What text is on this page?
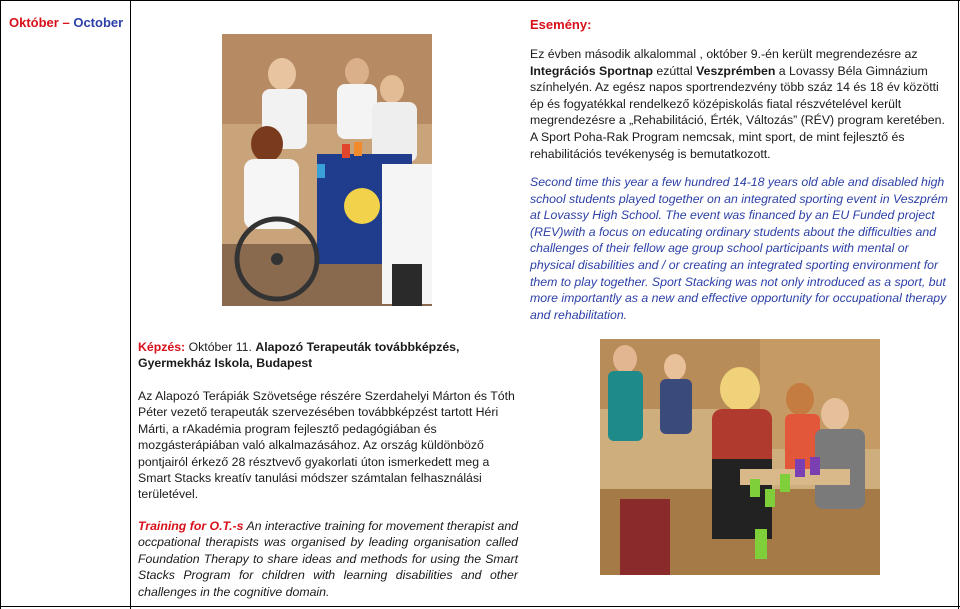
Október – October	Esemény:
Ez évben második alkalommal , október 9.-én került megrendezésre az Integrációs Sportnap ezúttal Veszprémben a Lovassy Béla Gimnázium színhelyén. Az egész napos sportrendezvény több száz 14 és 18 év közötti ép és fogyatékkal rendelkező középiskolás fiatal részvételével került megrendezésre a „Rehabilitáció, Érték, Változás” (RÉV) program keretében. A Sport Poha-Rak Program nemcsak, mint sport, de mint fejlesztő és rehabilitációs tevékenység is bemutatkozott.
Second time this year a few hundred 14-18 years old able and disabled high school students played together on an integrated sporting event in Veszprém at Lovassy High School. The event was financed by an EU Funded project (REV)with a focus on educating ordinary students about the difficulties and challenges of their fellow age group school participants with mental or physical disabilities and / or creating an integrated sporting environment for them to play together. Sport Stacking was not only introduced as a sport, but more importantly as a new and effective opportunity for occupational therapy and rehabilitation.
Képzés: Október 11. Alapozó Terapeuták továbbképzés, Gyermekház Iskola, Budapest
Az Alapozó Terápiák Szövetsége részére Szerdahelyi Márton és Tóth Péter vezető terapeuták szervezésében továbbképzést tartott Héri Márti, a rAkadémia program fejlesztő pedagógiában és mozgásterápiában való alkalmazásához. Az ország küldönböző pontjairól érkező 28 résztvevő gyakorlati úton ismerkedett meg a Smart Stacks kreatív tanulási módszer számtalan felhasználási területével.
Training for O.T.-s An interactive training for movement therapist and occpational therapists was organised by leading organisation called Foundation Therapy to share ideas and methods for using the Smart Stacks Program for children with learning disabilities and other challenges in the cognitive domain.
